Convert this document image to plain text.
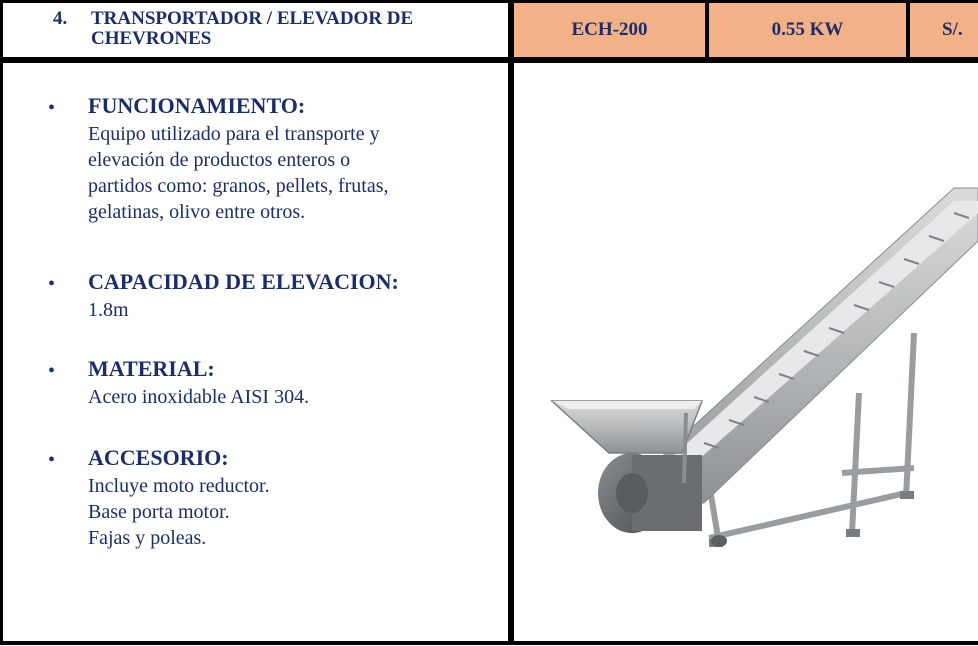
4. TRANSPORTADOR / ELEVADOR DE
CHEVRONES	ECH-200	0.55 KW	S/.
• FUNCIONAMIENTO:
Equipo utilizado para el transporte y
elevación de productos enteros o
partidos como: granos, pellets, frutas,
gelatinas, olivo entre otros.
• CAPACIDAD DE ELEVACION:
1.8m
• MATERIAL:
Acero inoxidable AISI 304.
• ACCESORIO:
Incluye moto reductor.
Base porta motor.
Fajas y poleas.
